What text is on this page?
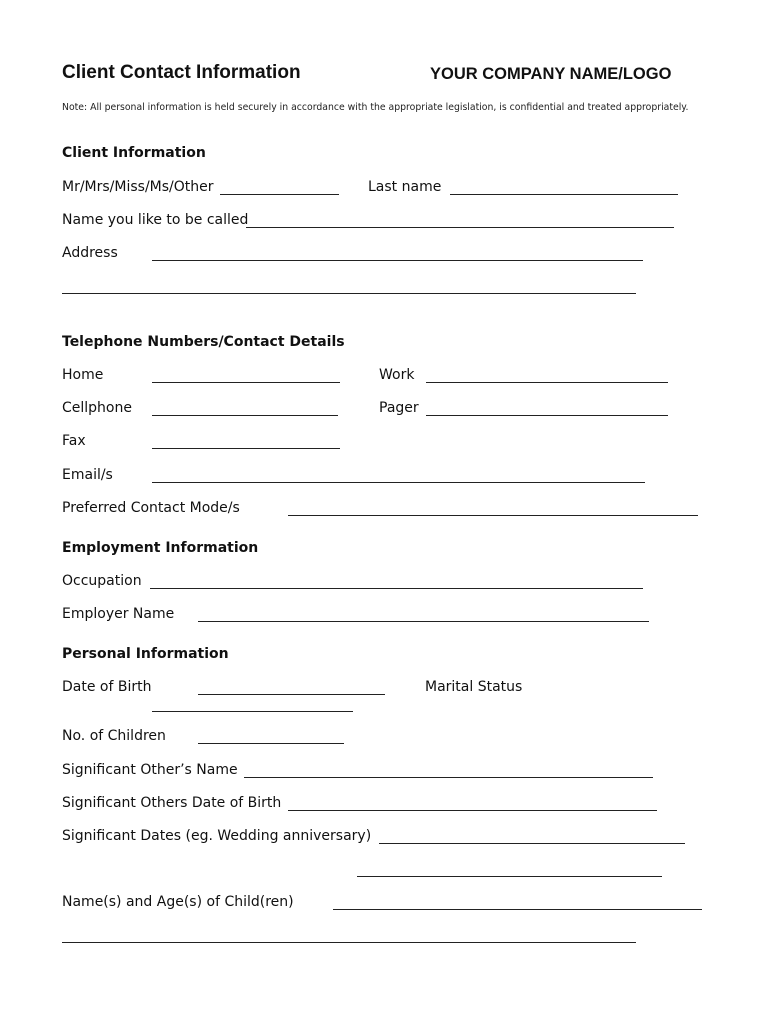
Client Contact Information	YOUR COMPANY NAME/LOGO
Note: All personal information is held securely in accordance with the appropriate legislation, is confidential and treated appropriately.
Client Information
Mr/Mrs/Miss/Ms/Other	Last name
Name you like to be called
Address
Telephone Numbers/Contact Details
Home	Work
Cellphone	Pager
Fax
Email/s
Preferred Contact Mode/s
Employment Information
Occupation
Employer Name
Personal Information
Date of Birth	Marital Status
No. of Children
Significant Other’s Name
Significant Others Date of Birth
Significant Dates (eg. Wedding anniversary)
Name(s) and Age(s) of Child(ren)
